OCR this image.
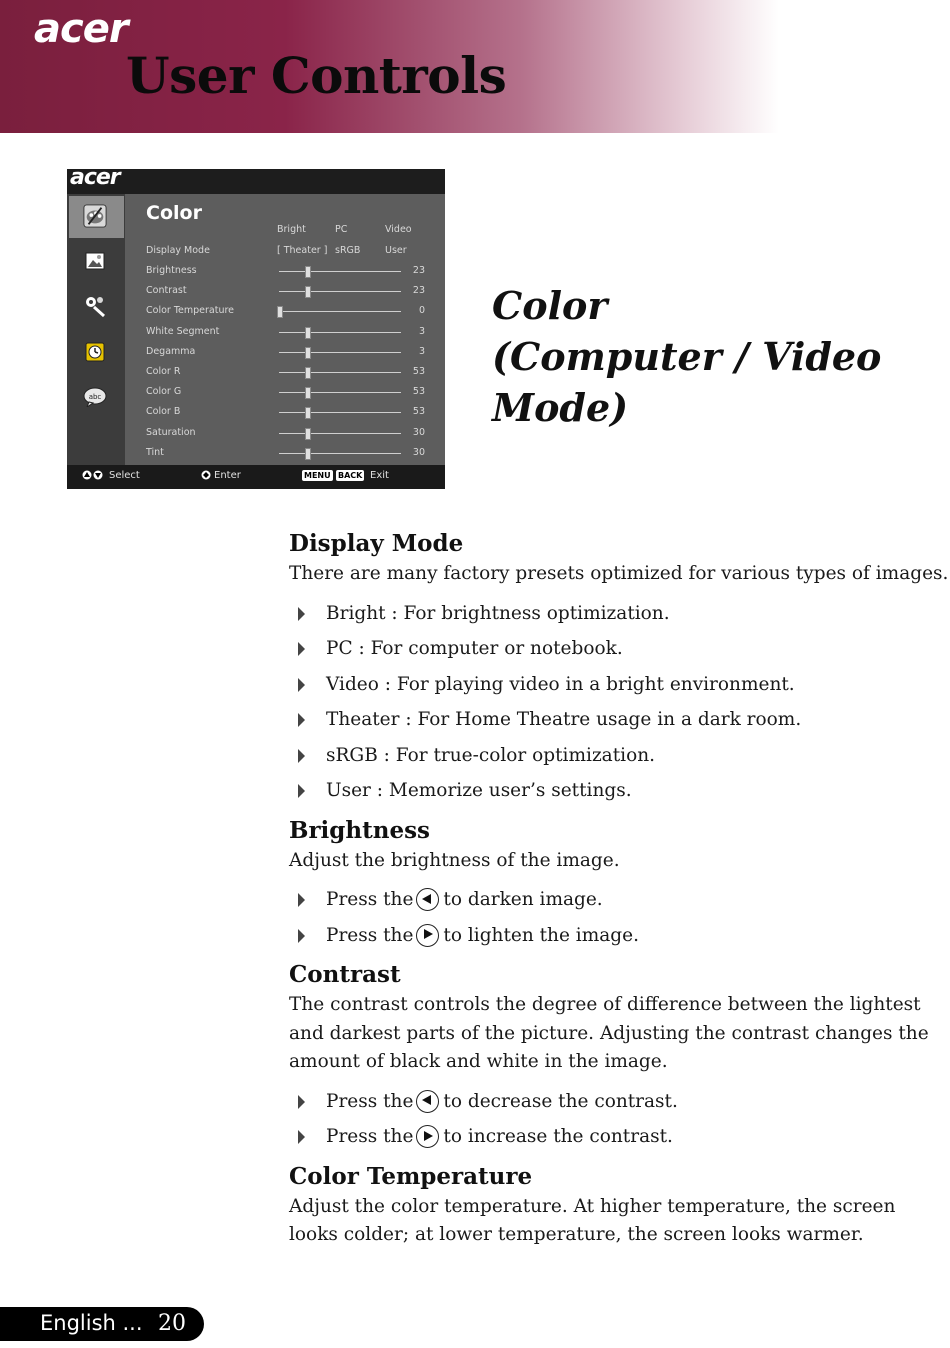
acer
User Controls
acer
abc
Color
Bright	PC	Video
Display Mode	[ Theater ] sRGB	User
Brightness	23
Contrast	23
Color Temperature	0
White Segment	3
Degamma	3
Color R	53
Color G	53
Color B	53
Saturation	30
Tint	30
Select	Enter	MENU BACK Exit
Color
(Computer / Video
Mode)
Display Mode

There are many factory presets optimized for various types of images.

Bright : For brightness optimization.
PC : For computer or notebook.
Video : For playing video in a bright environment.
Theater : For Home Theatre usage in a dark room.
sRGB : For true-color optimization.
User : Memorize user’s settings.
Brightness

Adjust the brightness of the image.

Press the to darken image.
Press the to lighten the image.
Contrast

The contrast controls the degree of difference between the lightest

and darkest parts of the picture. Adjusting the contrast changes the

amount of black and white in the image.

Press the to decrease the contrast.
Press the to increase the contrast.
Color Temperature

Adjust the color temperature. At higher temperature, the screen

looks colder; at lower temperature, the screen looks warmer.

English ... 20
